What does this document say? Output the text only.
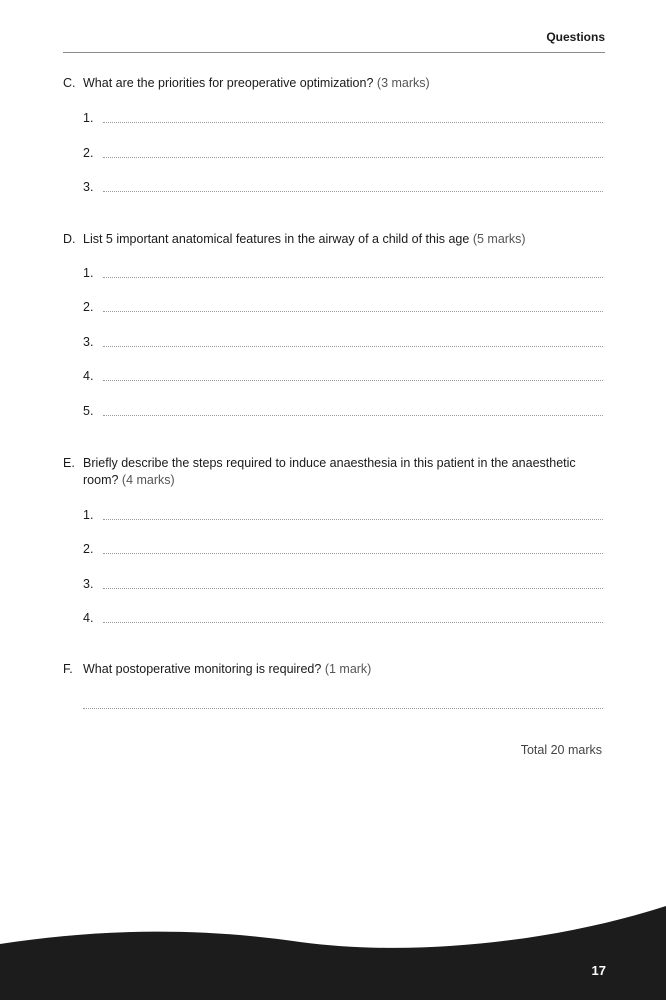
Questions
C. What are the priorities for preoperative optimization? (3 marks)
1.
2.
3.
D. List 5 important anatomical features in the airway of a child of this age (5 marks)
1.
2.
3.
4.
5.
E. Briefly describe the steps required to induce anaesthesia in this patient in the anaesthetic room? (4 marks)
1.
2.
3.
4.
F. What postoperative monitoring is required? (1 mark)
Total 20 marks
17
